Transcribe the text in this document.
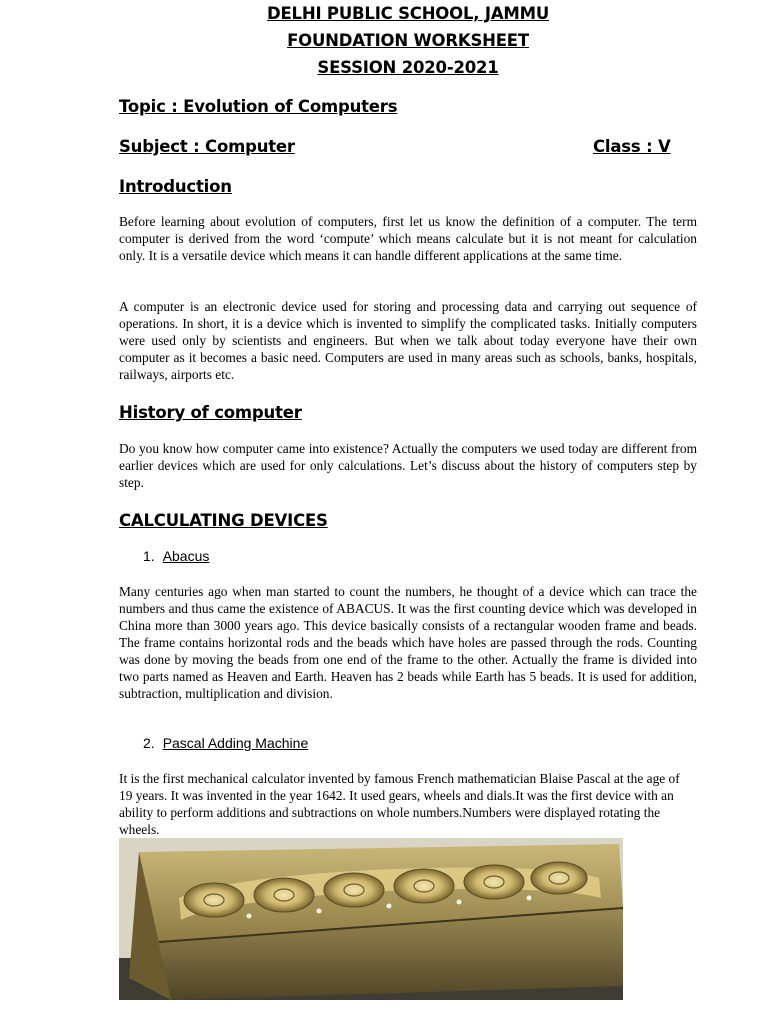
DELHI PUBLIC SCHOOL, JAMMU
FOUNDATION WORKSHEET
SESSION 2020-2021
Topic : Evolution of Computers
Subject : Computer	Class : V
Introduction
Before learning about evolution of computers, first let us know the definition of a computer. The term computer is derived from the word ‘compute’ which means calculate but it is not meant for calculation only. It is a versatile device which means it can handle different applications at the same time.
A computer is an electronic device used for storing and processing data and carrying out sequence of operations. In short, it is a device which is invented to simplify the complicated tasks. Initially computers were used only by scientists and engineers. But when we talk about today everyone have their own computer as it becomes a basic need. Computers are used in many areas such as schools, banks, hospitals, railways, airports etc.
History of computer
Do you know how computer came into existence? Actually the computers we used today are different from earlier devices which are used for only calculations. Let’s discuss about the history of computers step by step.
CALCULATING DEVICES
1. Abacus
Many centuries ago when man started to count the numbers, he thought of a device which can trace the numbers and thus came the existence of ABACUS. It was the first counting device which was developed in China more than 3000 years ago. This device basically consists of a rectangular wooden frame and beads. The frame contains horizontal rods and the beads which have holes are passed through the rods. Counting was done by moving the beads from one end of the frame to the other. Actually the frame is divided into two parts named as Heaven and Earth. Heaven has 2 beads while Earth has 5 beads. It is used for addition, subtraction, multiplication and division.
2. Pascal Adding Machine
It is the first mechanical calculator invented by famous French mathematician Blaise Pascal at the age of 19 years. It was invented in the year 1642. It used gears, wheels and dials.It was the first device with an ability to perform additions and subtractions on whole numbers.Numbers were displayed rotating the wheels.
